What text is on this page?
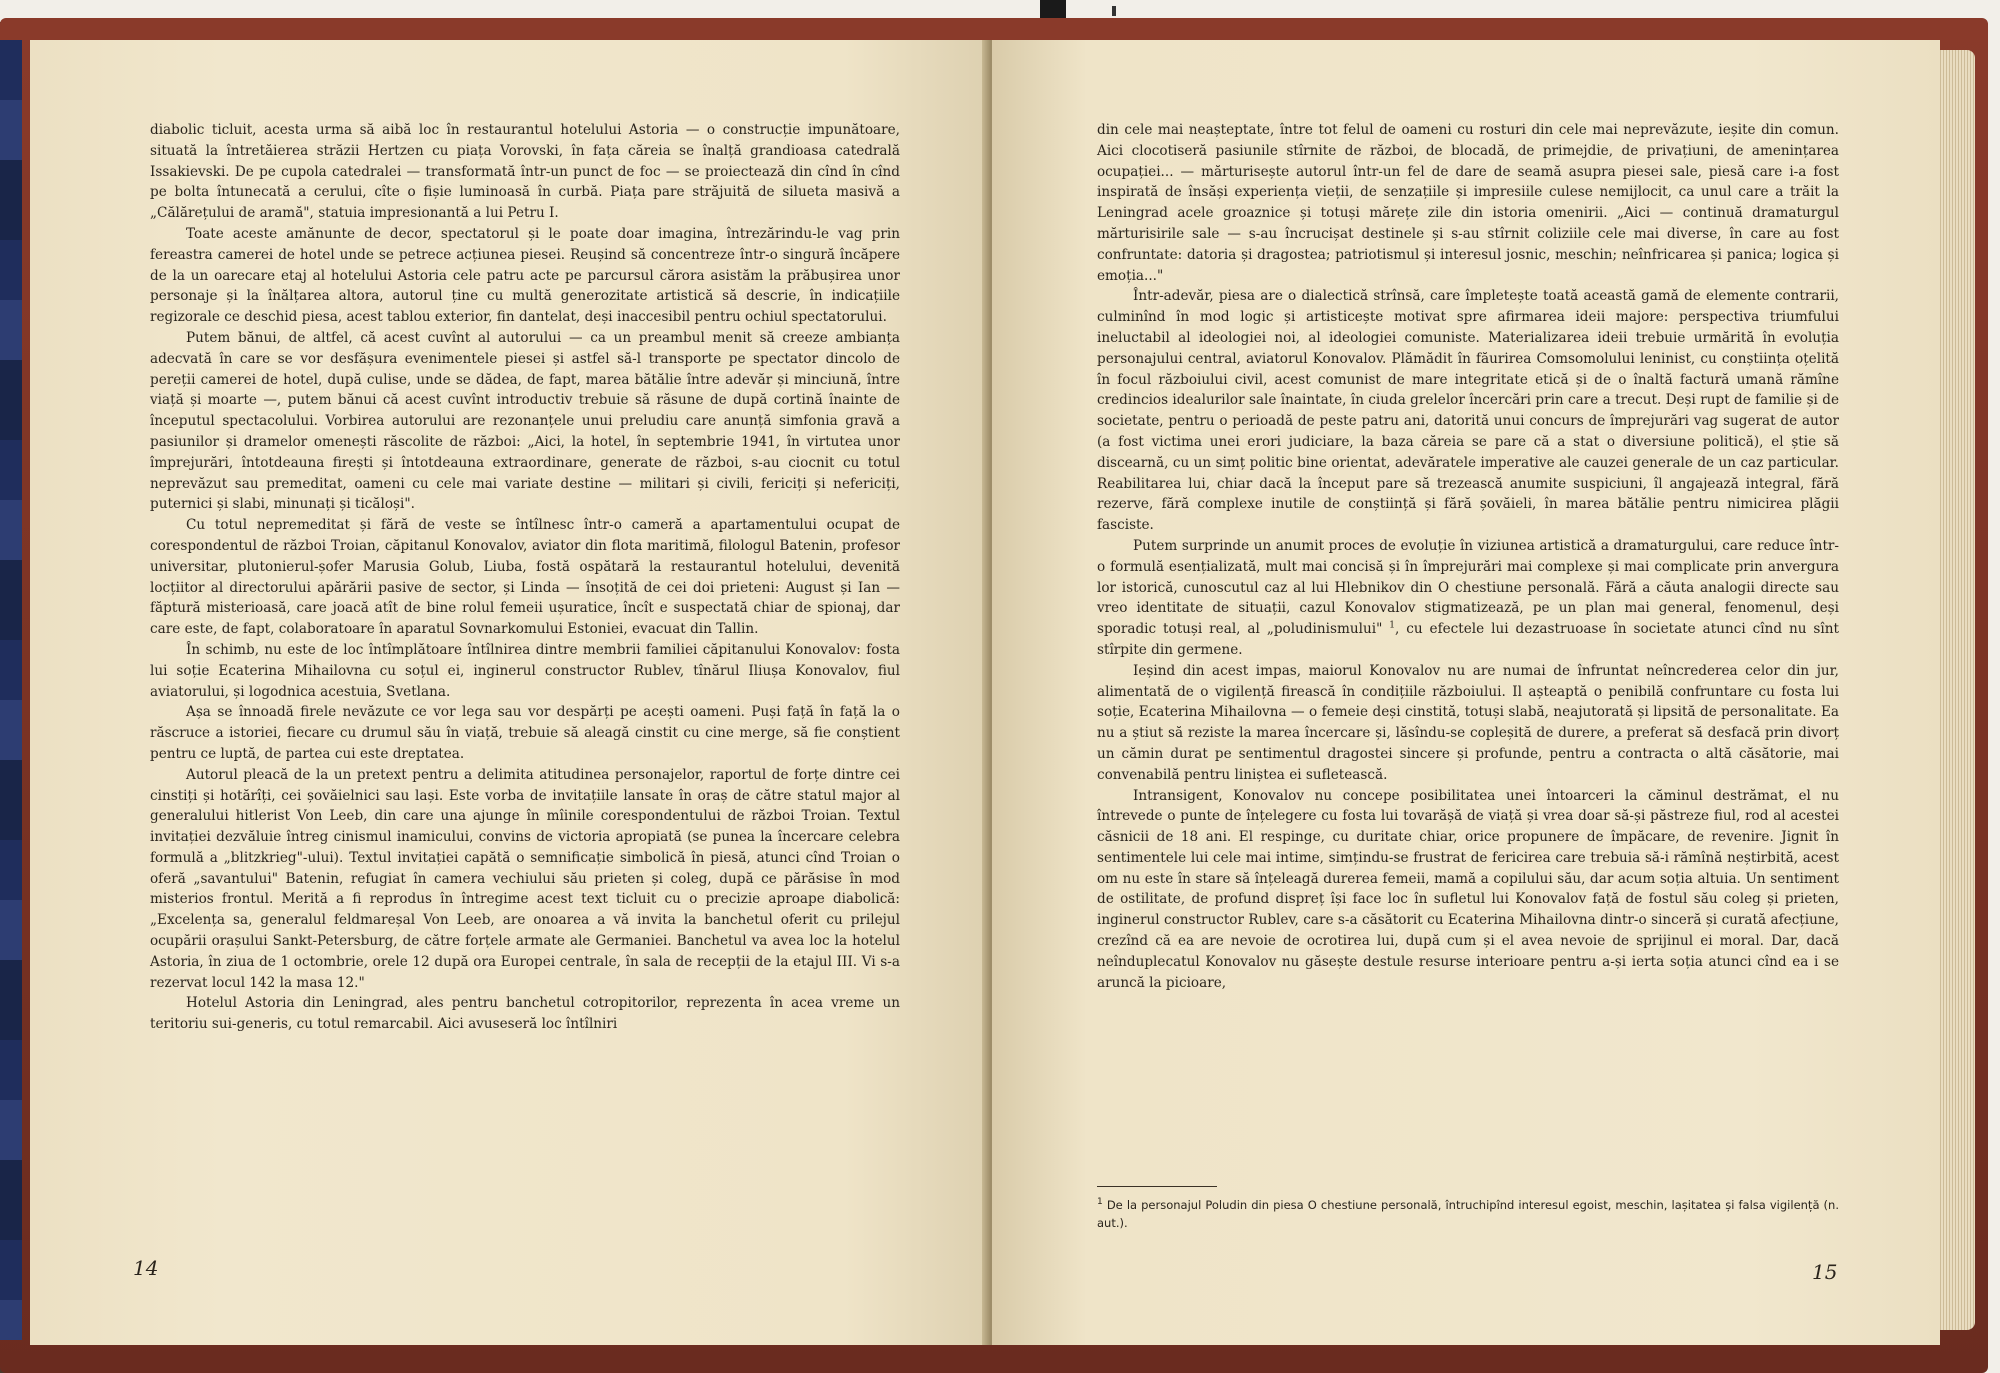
diabolic ticluit, acesta urma să aibă loc în restaurantul hotelului Astoria — o construcție impunătoare, situată la întretăierea străzii Hertzen cu piața Vorovski, în fața căreia se înalță grandioasa catedrală Issakievski. De pe cupola catedralei — transformată într-un punct de foc — se proiectează din cînd în cînd pe bolta întunecată a cerului, cîte o fișie luminoasă în curbă. Piața pare străjuită de silueta masivă a „Călărețului de aramă", statuia impresionantă a lui Petru I.

Toate aceste amănunte de decor, spectatorul și le poate doar imagina, întrezărindu-le vag prin fereastra camerei de hotel unde se petrece acțiunea piesei. Reușind să concentreze într-o singură încăpere de la un oarecare etaj al hotelului Astoria cele patru acte pe parcursul cărora asistăm la prăbușirea unor personaje și la înălțarea altora, autorul ține cu multă generozitate artistică să descrie, în indicațiile regizorale ce deschid piesa, acest tablou exterior, fin dantelat, deși inaccesibil pentru ochiul spectatorului.

Putem bănui, de altfel, că acest cuvînt al autorului — ca un preambul menit să creeze ambianța adecvată în care se vor desfășura evenimentele piesei și astfel să-l transporte pe spectator dincolo de pereții camerei de hotel, după culise, unde se dădea, de fapt, marea bătălie între adevăr și minciună, între viață și moarte —, putem bănui că acest cuvînt introductiv trebuie să răsune de după cortină înainte de începutul spectacolului. Vorbirea autorului are rezonanțele unui preludiu care anunță simfonia gravă a pasiunilor și dramelor omenești răscolite de război: „Aici, la hotel, în septembrie 1941, în virtutea unor împrejurări, întotdeauna firești și întotdeauna extraordinare, generate de război, s-au ciocnit cu totul neprevăzut sau premeditat, oameni cu cele mai variate destine — militari și civili, fericiți și nefericiți, puternici și slabi, minunați și ticăloși".

Cu totul nepremeditat și fără de veste se întîlnesc într-o cameră a apartamentului ocupat de corespondentul de război Troian, căpitanul Konovalov, aviator din flota maritimă, filologul Batenin, profesor universitar, plutonierul-șofer Marusia Golub, Liuba, fostă ospătară la restaurantul hotelului, devenită locțiitor al directorului apărării pasive de sector, și Linda — însoțită de cei doi prieteni: August și Ian — făptură misterioasă, care joacă atît de bine rolul femeii ușuratice, încît e suspectată chiar de spionaj, dar care este, de fapt, colaboratoare în aparatul Sovnarkomului Estoniei, evacuat din Tallin.

În schimb, nu este de loc întîmplătoare întîlnirea dintre membrii familiei căpitanului Konovalov: fosta lui soție Ecaterina Mihailovna cu soțul ei, inginerul constructor Rublev, tînărul Iliușa Konovalov, fiul aviatorului, și logodnica acestuia, Svetlana.

Așa se înnoadă firele nevăzute ce vor lega sau vor despărți pe acești oameni. Puși față în față la o răscruce a istoriei, fiecare cu drumul său în viață, trebuie să aleagă cinstit cu cine merge, să fie conștient pentru ce luptă, de partea cui este dreptatea.

Autorul pleacă de la un pretext pentru a delimita atitudinea personajelor, raportul de forțe dintre cei cinstiți și hotărîți, cei șovăielnici sau lași. Este vorba de invitațiile lansate în oraș de către statul major al generalului hitlerist Von Leeb, din care una ajunge în mîinile corespondentului de război Troian. Textul invitației dezvăluie întreg cinismul inamicului, convins de victoria apropiată (se punea la încercare celebra formulă a „blitzkrieg"-ului). Textul invitației capătă o semnificație simbolică în piesă, atunci cînd Troian o oferă „savantului" Batenin, refugiat în camera vechiului său prieten și coleg, după ce părăsise în mod misterios frontul. Merită a fi reprodus în întregime acest text ticluit cu o precizie aproape diabolică: „Excelența sa, generalul feldmareșal Von Leeb, are onoarea a vă invita la banchetul oferit cu prilejul ocupării orașului Sankt-Petersburg, de către forțele armate ale Germaniei. Banchetul va avea loc la hotelul Astoria, în ziua de 1 octombrie, orele 12 după ora Europei centrale, în sala de recepții de la etajul III. Vi s-a rezervat locul 142 la masa 12."

Hotelul Astoria din Leningrad, ales pentru banchetul cotropitorilor, reprezenta în acea vreme un teritoriu sui-generis, cu totul remarcabil. Aici avuseseră loc întîlniri

14

din cele mai neașteptate, între tot felul de oameni cu rosturi din cele mai neprevăzute, ieșite din comun. Aici clocotiseră pasiunile stîrnite de război, de blocadă, de primejdie, de privațiuni, de amenințarea ocupației... — mărturisește autorul într-un fel de dare de seamă asupra piesei sale, piesă care i-a fost inspirată de însăși experiența vieții, de senzațiile și impresiile culese nemijlocit, ca unul care a trăit la Leningrad acele groaznice și totuși mărețe zile din istoria omenirii. „Aici — continuă dramaturgul mărturisirile sale — s-au încrucișat destinele și s-au stîrnit coliziile cele mai diverse, în care au fost confruntate: datoria și dragostea; patriotismul și interesul josnic, meschin; neînfricarea și panica; logica și emoția..."

Într-adevăr, piesa are o dialectică strînsă, care împletește toată această gamă de elemente contrarii, culminînd în mod logic și artisticește motivat spre afirmarea ideii majore: perspectiva triumfului ineluctabil al ideologiei noi, al ideologiei comuniste. Materializarea ideii trebuie urmărită în evoluția personajului central, aviatorul Konovalov. Plămădit în făurirea Comsomolului leninist, cu conștiința oțelită în focul războiului civil, acest comunist de mare integritate etică și de o înaltă factură umană rămîne credincios idealurilor sale înaintate, în ciuda grelelor încercări prin care a trecut. Deși rupt de familie și de societate, pentru o perioadă de peste patru ani, datorită unui concurs de împrejurări vag sugerat de autor (a fost victima unei erori judiciare, la baza căreia se pare că a stat o diversiune politică), el știe să discearnă, cu un simț politic bine orientat, adevăratele imperative ale cauzei generale de un caz particular. Reabilitarea lui, chiar dacă la început pare să trezească anumite suspiciuni, îl angajează integral, fără rezerve, fără complexe inutile de conștiință și fără șovăieli, în marea bătălie pentru nimicirea plăgii fasciste.

Putem surprinde un anumit proces de evoluție în viziunea artistică a dramaturgului, care reduce într-o formulă esențializată, mult mai concisă și în împrejurări mai complexe și mai complicate prin anvergura lor istorică, cunoscutul caz al lui Hlebnikov din O chestiune personală. Fără a căuta analogii directe sau vreo identitate de situații, cazul Konovalov stigmatizează, pe un plan mai general, fenomenul, deși sporadic totuși real, al „poludinismului" $^1$, cu efectele lui dezastruoase în societate atunci cînd nu sînt stîrpite din germene.

Ieșind din acest impas, maiorul Konovalov nu are numai de înfruntat neîncrederea celor din jur, alimentată de o vigilență firească în condițiile războiului. Il așteaptă o penibilă confruntare cu fosta lui soție, Ecaterina Mihailovna — o femeie deși cinstită, totuși slabă, neajutorată și lipsită de personalitate. Ea nu a știut să reziste la marea încercare și, lăsîndu-se copleșită de durere, a preferat să desfacă prin divorț un cămin durat pe sentimentul dragostei sincere și profunde, pentru a contracta o altă căsătorie, mai convenabilă pentru liniștea ei sufletească.

Intransigent, Konovalov nu concepe posibilitatea unei întoarceri la căminul destrămat, el nu întrevede o punte de înțelegere cu fosta lui tovarășă de viață și vrea doar să-și păstreze fiul, rod al acestei căsnicii de 18 ani. El respinge, cu duritate chiar, orice propunere de împăcare, de revenire. Jignit în sentimentele lui cele mai intime, simțindu-se frustrat de fericirea care trebuia să-i rămînă neștirbită, acest om nu este în stare să înțeleagă durerea femeii, mamă a copilului său, dar acum soția altuia. Un sentiment de ostilitate, de profund dispreț își face loc în sufletul lui Konovalov față de fostul său coleg și prieten, inginerul constructor Rublev, care s-a căsătorit cu Ecaterina Mihailovna dintr-o sinceră și curată afecțiune, crezînd că ea are nevoie de ocrotirea lui, după cum și el avea nevoie de sprijinul ei moral. Dar, dacă neînduplecatul Konovalov nu găsește destule resurse interioare pentru a-și ierta soția atunci cînd ea i se aruncă la picioare,

$^1$ De la personajul Poludin din piesa O chestiune personală, întruchipînd interesul egoist, meschin, lașitatea și falsa vigilență (n. aut.).
15
